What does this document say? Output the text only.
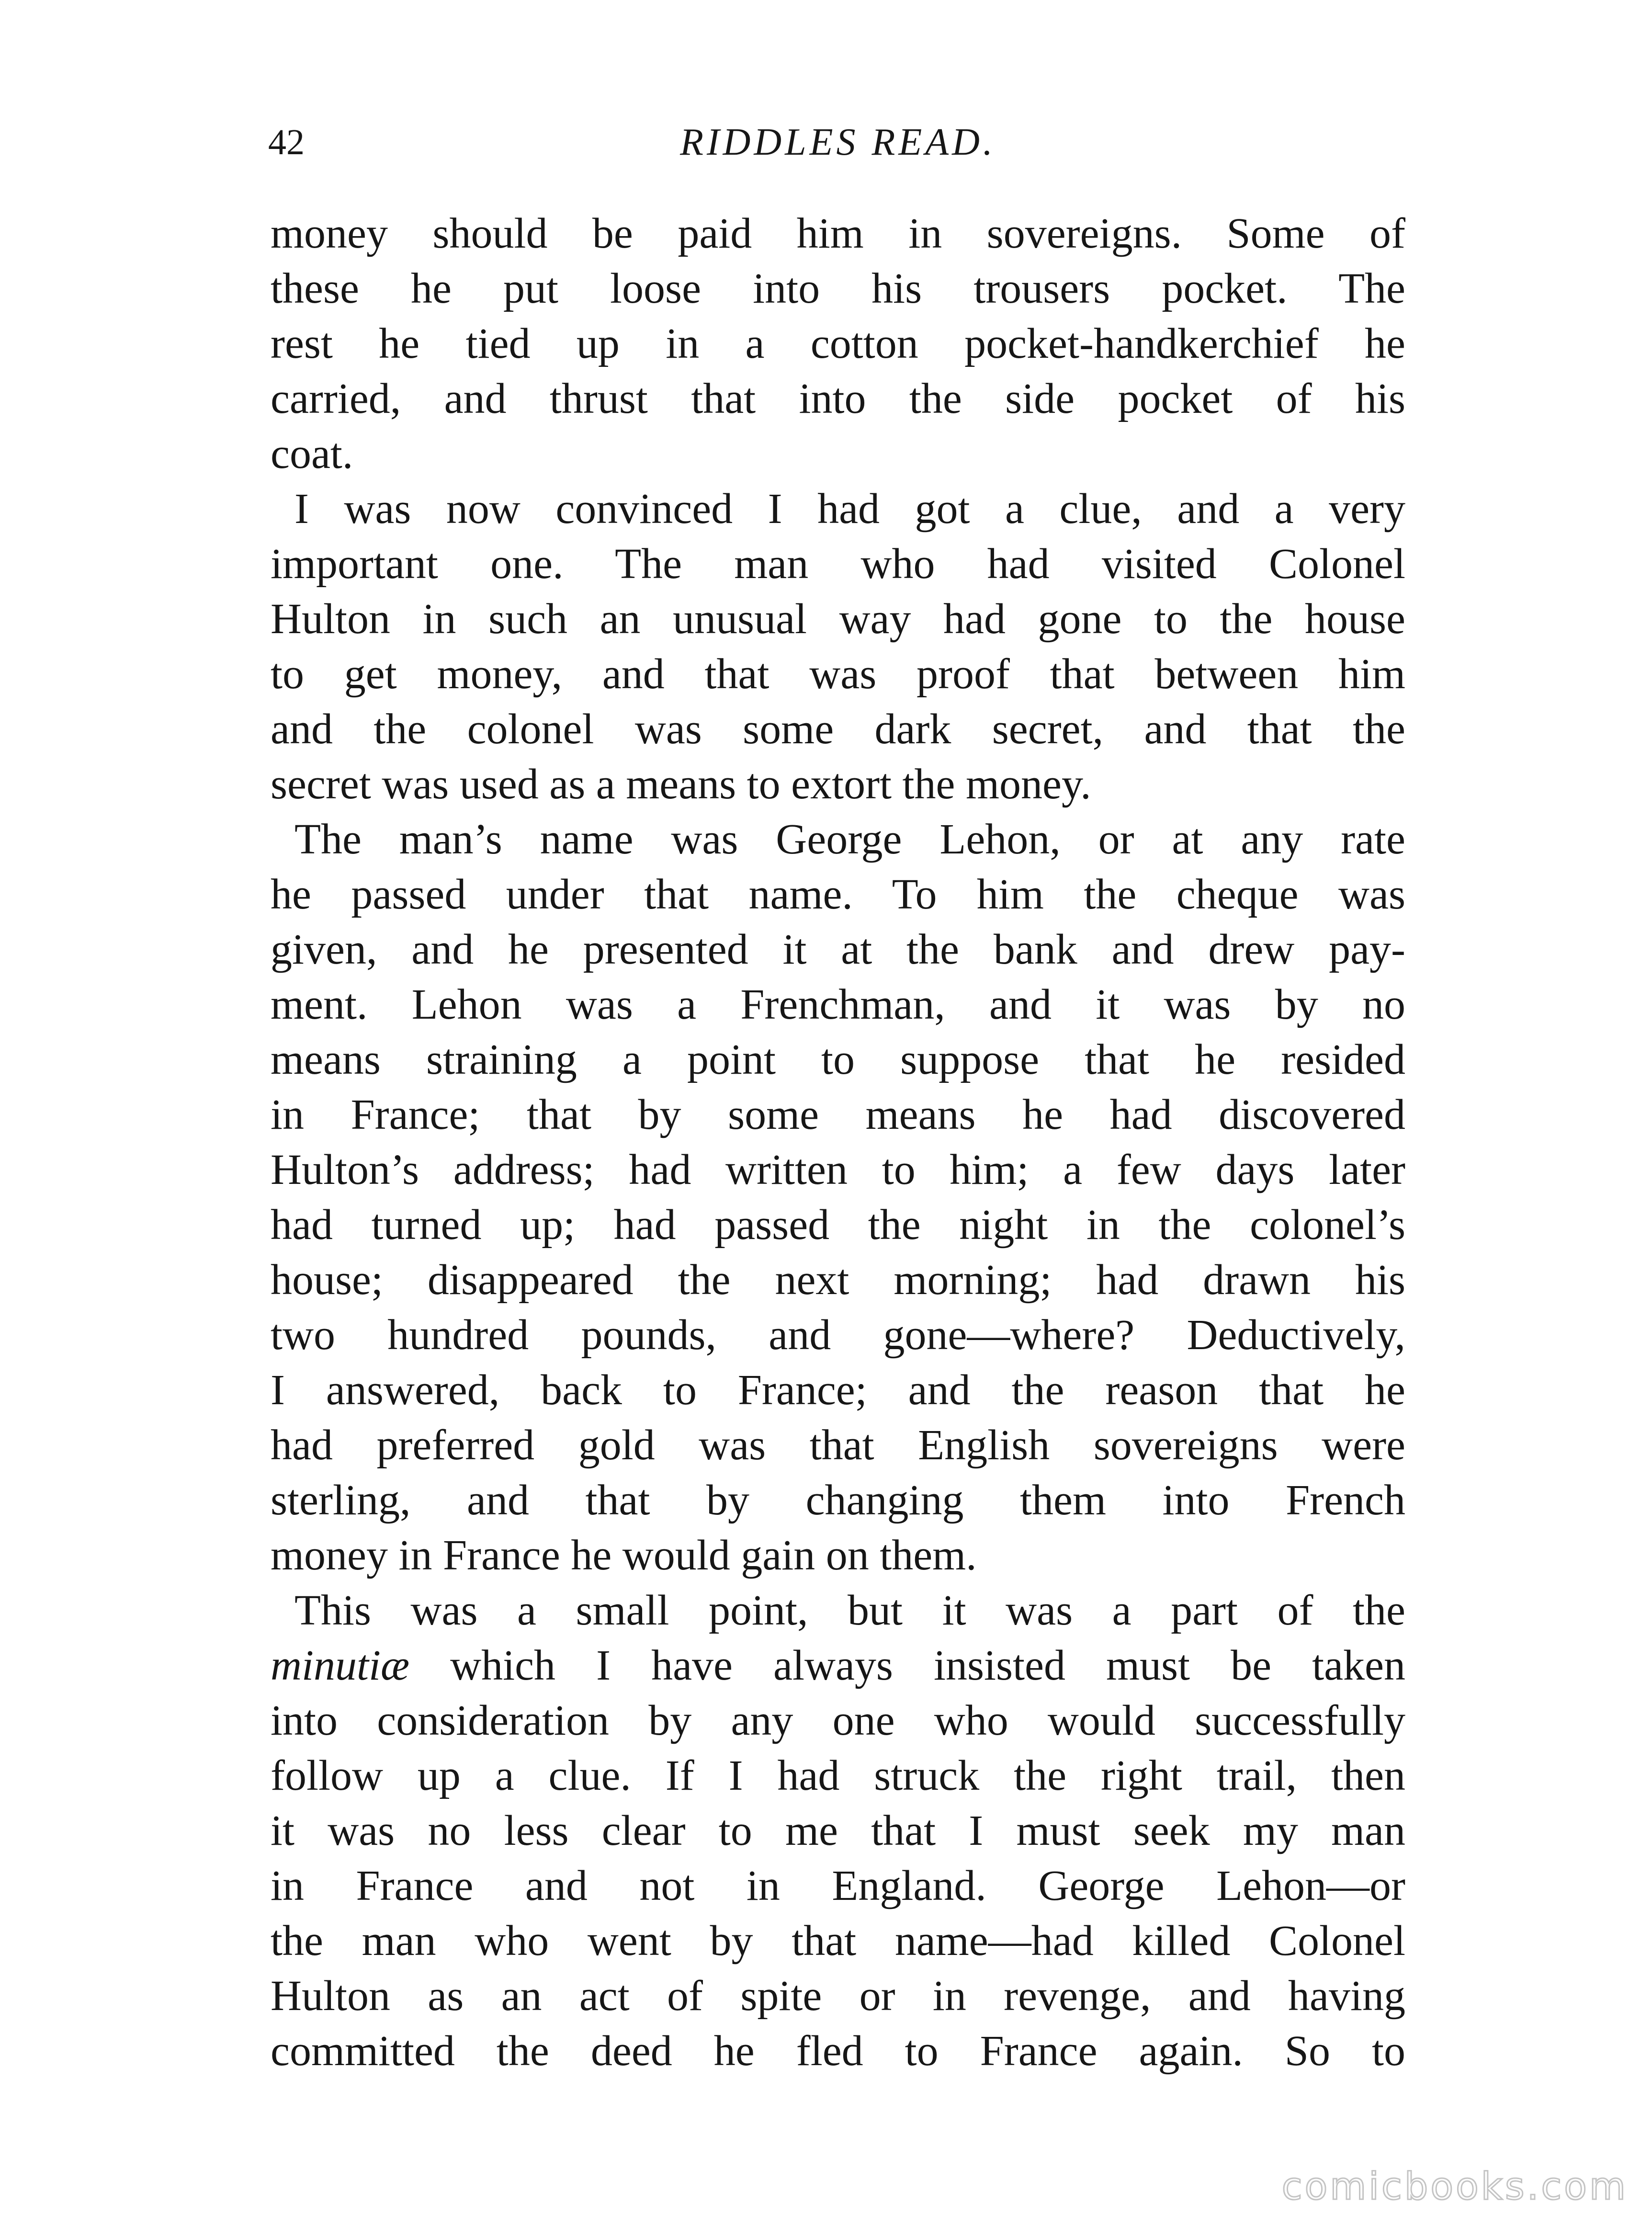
42	RIDDLES READ.
money should be paid him in sovereigns. Some of
these he put loose into his trousers pocket. The
rest he tied up in a cotton pocket-handkerchief he
carried, and thrust that into the side pocket of his
coat.
I was now convinced I had got a clue, and a very
important one. The man who had visited Colonel
Hulton in such an unusual way had gone to the house
to get money, and that was proof that between him
and the colonel was some dark secret, and that the
secret was used as a means to extort the money.
The man’s name was George Lehon, or at any rate
he passed under that name. To him the cheque was
given, and he presented it at the bank and drew pay-
ment. Lehon was a Frenchman, and it was by no
means straining a point to suppose that he resided
in France; that by some means he had discovered
Hulton’s address; had written to him; a few days later
had turned up; had passed the night in the colonel’s
house; disappeared the next morning; had drawn his
two hundred pounds, and gone—where? Deductively,
I answered, back to France; and the reason that he
had preferred gold was that English sovereigns were
sterling, and that by changing them into French
money in France he would gain on them.
This was a small point, but it was a part of the
minutiæ which I have always insisted must be taken
into consideration by any one who would successfully
follow up a clue. If I had struck the right trail, then
it was no less clear to me that I must seek my man
in France and not in England. George Lehon—or
the man who went by that name—had killed Colonel
Hulton as an act of spite or in revenge, and having
committed the deed he fled to France again. So to
comicbooks.com
